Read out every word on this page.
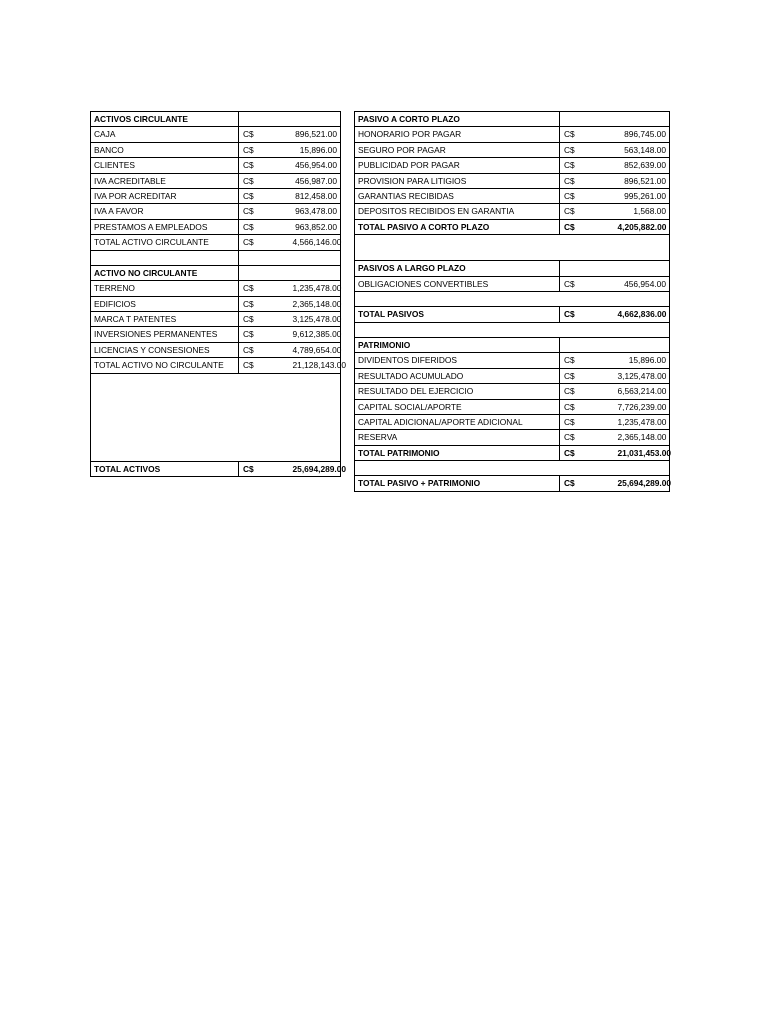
ACTIVOS CIRCULANTE		
CAJA	C$	896,521.00
BANCO	C$	15,896.00
CLIENTES	C$	456,954.00
IVA ACREDITABLE	C$	456,987.00
IVA POR ACREDITAR	C$	812,458.00
IVA A FAVOR	C$	963,478.00
PRESTAMOS A EMPLEADOS	C$	963,852.00
TOTAL ACTIVO CIRCULANTE	C$	4,566,146.00

ACTIVO NO CIRCULANTE		
TERRENO	C$	1,235,478.00
EDIFICIOS	C$	2,365,148.00
MARCA T PATENTES	C$	3,125,478.00
INVERSIONES PERMANENTES	C$	9,612,385.00
LICENCIAS Y CONSESIONES	C$	4,789,654.00
TOTAL ACTIVO NO CIRCULANTE	C$	21,128,143.00

TOTAL ACTIVOS	C$	25,694,289.00
PASIVO A CORTO PLAZO		
HONORARIO POR PAGAR	C$	896,745.00
SEGURO POR PAGAR	C$	563,148.00
PUBLICIDAD POR PAGAR	C$	852,639.00
PROVISION PARA LITIGIOS	C$	896,521.00
GARANTIAS RECIBIDAS	C$	995,261.00
DEPOSITOS RECIBIDOS EN GARANTIA	C$	1,568.00
TOTAL PASIVO A CORTO PLAZO	C$	4,205,882.00

PASIVOS A LARGO PLAZO		
OBLIGACIONES CONVERTIBLES	C$	456,954.00

TOTAL PASIVOS	C$	4,662,836.00

PATRIMONIO		
DIVIDENTOS DIFERIDOS	C$	15,896.00
RESULTADO ACUMULADO	C$	3,125,478.00
RESULTADO DEL EJERCICIO	C$	6,563,214.00
CAPITAL SOCIAL/APORTE	C$	7,726,239.00
CAPITAL ADICIONAL/APORTE ADICIONAL	C$	1,235,478.00
RESERVA	C$	2,365,148.00
TOTAL PATRIMONIO	C$	21,031,453.00

TOTAL PASIVO + PATRIMONIO	C$	25,694,289.00
